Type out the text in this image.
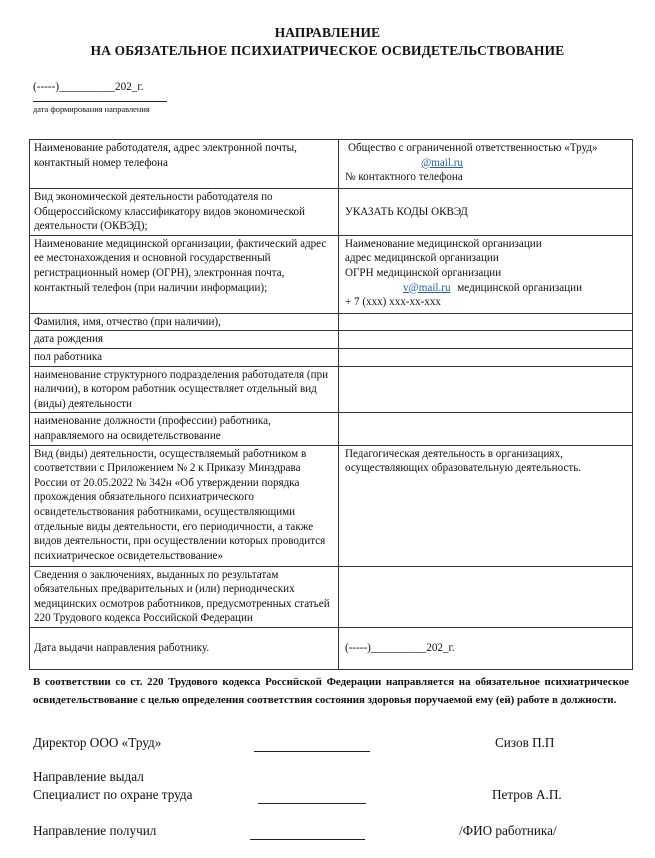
НАПРАВЛЕНИЕ
НА ОБЯЗАТЕЛЬНОЕ ПСИХИАТРИЧЕСКОЕ ОСВИДЕТЕЛЬСТВОВАНИЕ
(-----)__________202_г.
дата формирования направления
Наименование работодателя, адрес электронной почты, контактный номер телефона	Общество с ограниченной ответственностью «Труд»
@mail.ru
№ контактного телефона

Вид экономической деятельности работодателя по Общероссийскому классификатору видов экономической деятельности (ОКВЭД);	УКАЗАТЬ КОДЫ ОКВЭД
Наименование медицинской организации, фактический адрес ее местонахождения и основной государственный регистрационный номер (ОГРН), электронная почта, контактный телефон (при наличии информации);	Наименование медицинской организации
адрес медицинской организации
ОГРН медицинской организации
v@mail.ru медицинской организации
+ 7 (ххх) ххх-хх-ххх

Фамилия, имя, отчество (при наличии),	
дата рождения	
пол работника	
наименование структурного подразделения работодателя (при наличии), в котором работник осуществляет отдельный вид (виды) деятельности	
наименование должности (профессии) работника, направляемого на освидетельствование	
Вид (виды) деятельности, осуществляемый работником в соответствии с Приложением № 2 к Приказу Минздрава России от 20.05.2022 № 342н «Об утверждении порядка прохождения обязательного психиатрического освидетельствования работниками, осуществляющими отдельные виды деятельности, его периодичности, а также видов деятельности, при осуществлении которых проводится психиатрическое освидетельствование»	Педагогическая деятельность в организациях, осуществляющих образовательную деятельность.
Сведения о заключениях, выданных по результатам обязательных предварительных и (или) периодических медицинских осмотров работников, предусмотренных статьей 220 Трудового кодекса Российской Федерации	
Дата выдачи направления работнику.	(-----)__________202_г.
В соответствии со ст. 220 Трудового кодекса Российской Федерации направляется на обязательное психиатрическое освидетельствование с целью определения соответствия состояния здоровья поручаемой ему (ей) работе в должности.
Директор ООО «Труд»	Сизов П.П
Направление выдал
Специалист по охране труда	Петров А.П.
Направление получил	/ФИО работника/
